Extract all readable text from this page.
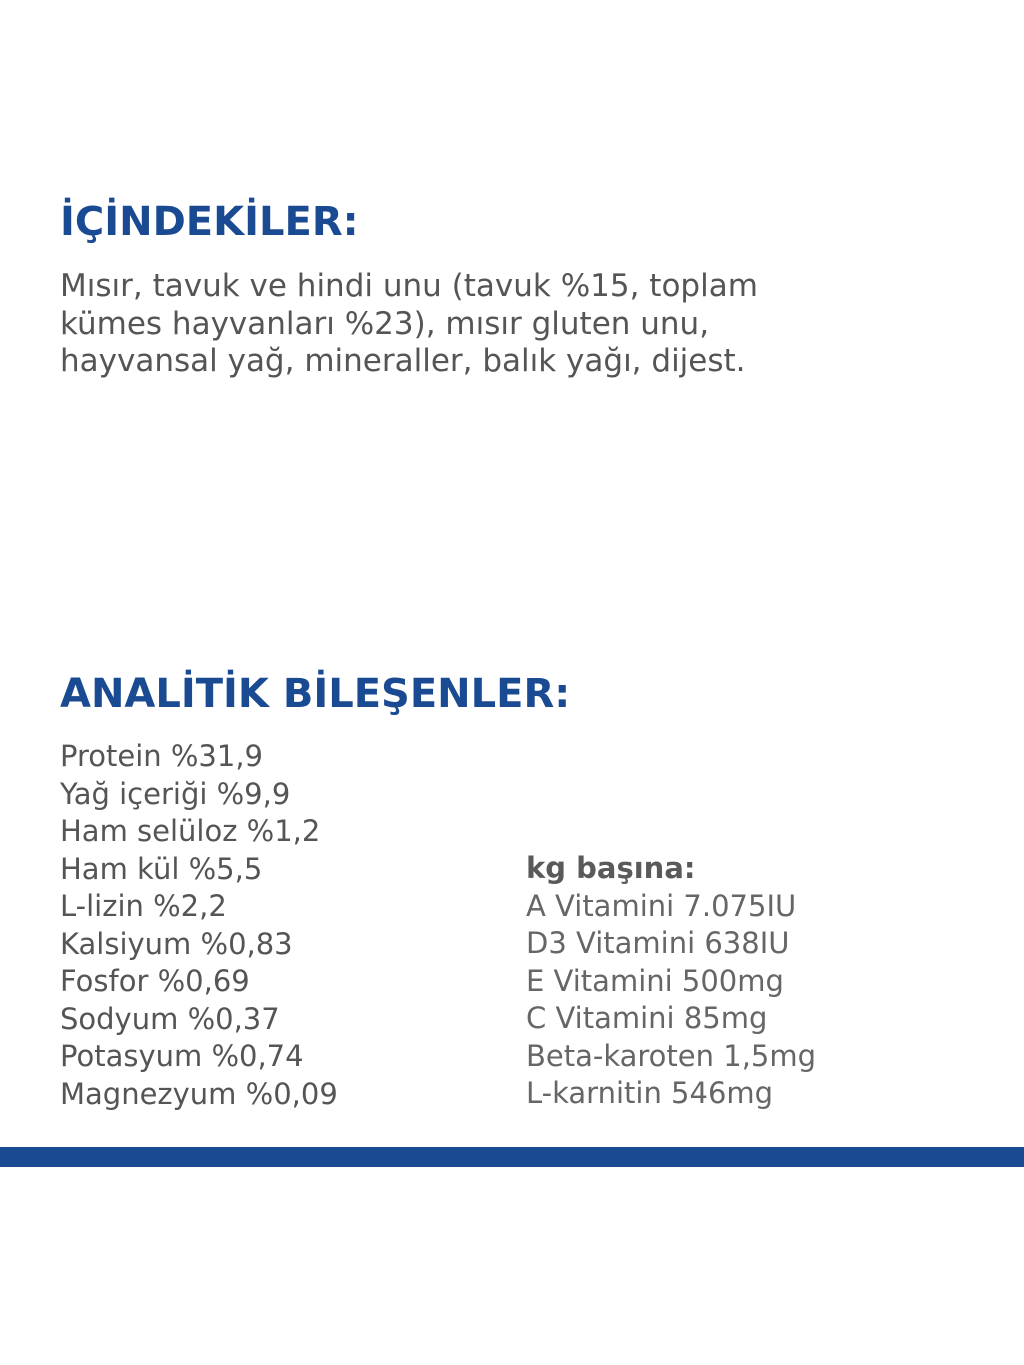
İÇİNDEKİLER:
Mısır, tavuk ve hindi unu (tavuk %15, toplam
kümes hayvanları %23), mısır gluten unu,
hayvansal yağ, mineraller, balık yağı, dijest.
ANALİTİK BİLEŞENLER:
Protein %31,9
Yağ içeriği %9,9
Ham selüloz %1,2
Ham kül %5,5
L-lizin %2,2
Kalsiyum %0,83
Fosfor %0,69
Sodyum %0,37
Potasyum %0,74
Magnezyum %0,09
kg başına:
A Vitamini 7.075IU
D3 Vitamini 638IU
E Vitamini 500mg
C Vitamini 85mg
Beta-karoten 1,5mg
L-karnitin 546mg
